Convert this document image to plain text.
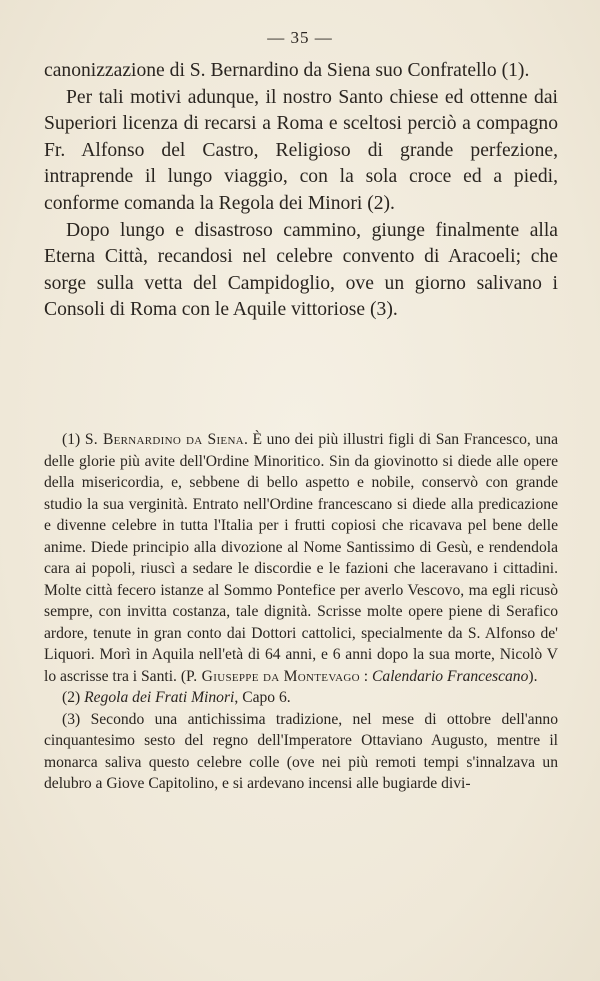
— 35 —

canonizzazione di S. Bernardino da Siena suo Confratello (1).

Per tali motivi adunque, il nostro Santo chiese ed ottenne dai Superiori licenza di recarsi a Roma e sceltosi perciò a compagno Fr. Alfonso del Castro, Religioso di grande perfezione, intraprende il lungo viaggio, con la sola croce ed a piedi, conforme comanda la Regola dei Minori (2).

Dopo lungo e disastroso cammino, giunge finalmente alla Eterna Città, recandosi nel celebre convento di Aracoeli; che sorge sulla vetta del Campidoglio, ove un giorno salivano i Consoli di Roma con le Aquile vittoriose (3).

(1) S. Bernardino da Siena. È uno dei più illustri figli di San Francesco, una delle glorie più avite dell'Ordine Minoritico. Sin da giovinotto si diede alle opere della misericordia, e, sebbene di bello aspetto e nobile, conservò con grande studio la sua verginità. Entrato nell'Ordine francescano si diede alla predicazione e divenne celebre in tutta l'Italia per i frutti copiosi che ricavava pel bene delle anime. Diede principio alla divozione al Nome Santissimo di Gesù, e rendendola cara ai popoli, riuscì a sedare le discordie e le fazioni che laceravano i cittadini. Molte città fecero istanze al Sommo Pontefice per averlo Vescovo, ma egli ricusò sempre, con invitta costanza, tale dignità. Scrisse molte opere piene di Serafico ardore, tenute in gran conto dai Dottori cattolici, specialmente da S. Alfonso de' Liquori. Morì in Aquila nell'età di 64 anni, e 6 anni dopo la sua morte, Nicolò V lo ascrisse tra i Santi. (P. Giuseppe da Montevago : Calendario Francescano).

(2) Regola dei Frati Minori, Capo 6.

(3) Secondo una antichissima tradizione, nel mese di ottobre dell'anno cinquantesimo sesto del regno dell'Imperatore Ottaviano Augusto, mentre il monarca saliva questo celebre colle (ove nei più remoti tempi s'innalzava un delubro a Giove Capitolino, e si ardevano incensi alle bugiarde divi-
